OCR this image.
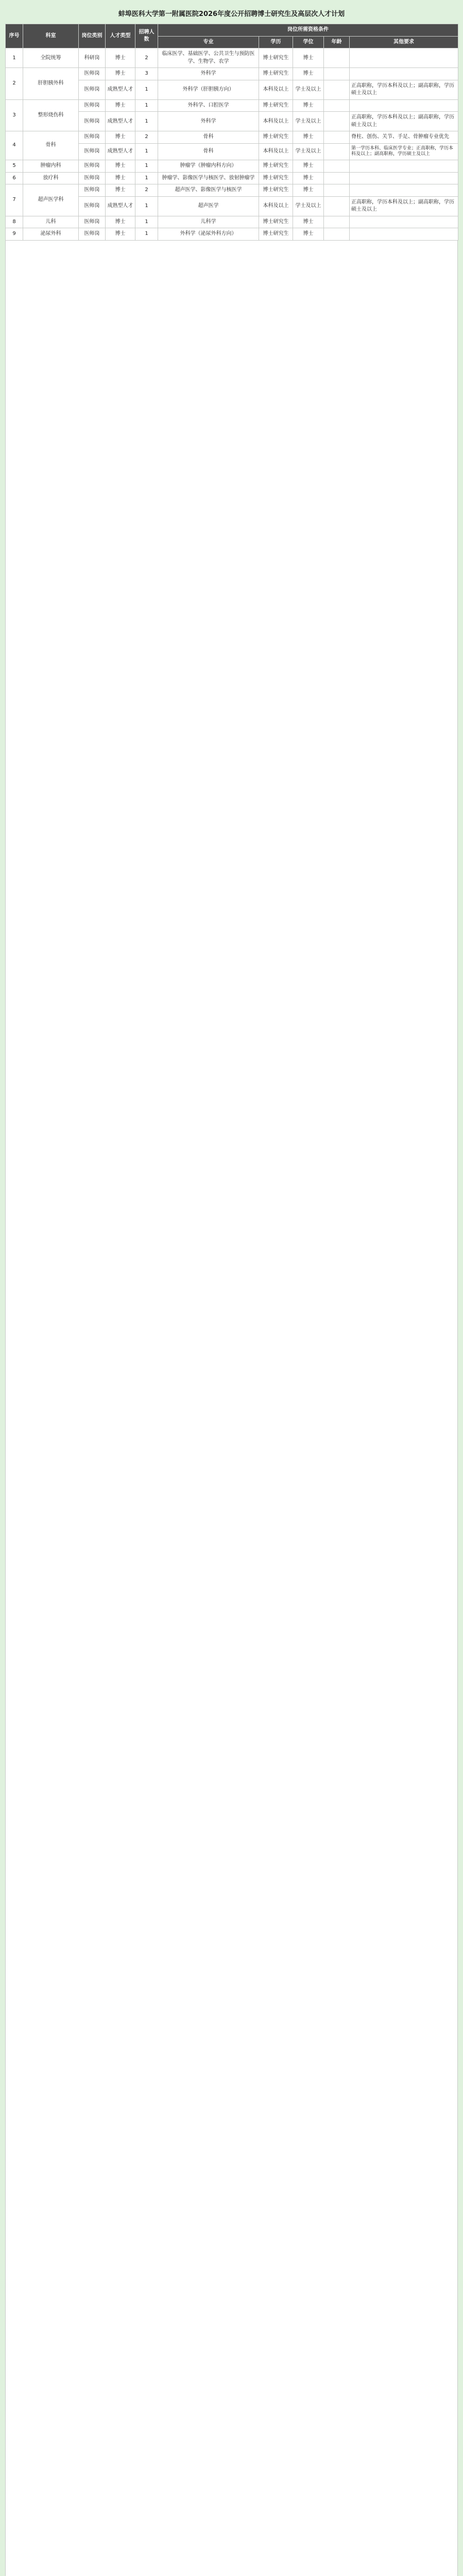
蚌埠医科大学第一附属医院2026年度公开招聘博士研究生及高层次人才计划
序号	科室	岗位类别	人才类型	招聘人数	岗位所需资格条件				
					专业	学历	学位	年龄	其他要求
1	全院统筹	科研岗	博士	2	临床医学、基础医学、公共卫生与预防医学、生物学、农学	博士研究生	博士		
2	肝胆胰外科	医师岗	博士	3	外科学	博士研究生	博士		
		医师岗	成熟型人才	1	外科学（肝胆胰方向）	本科及以上	学士及以上		正高职称，学历本科及以上；副高职称，学历硕士及以上
3	整形烧伤科	医师岗	博士	1	外科学、口腔医学	博士研究生	博士		
		医师岗	成熟型人才	1	外科学	本科及以上	学士及以上		正高职称，学历本科及以上；副高职称，学历硕士及以上
4	骨科	医师岗	博士	2	骨科	博士研究生	博士		脊柱、创伤、关节、手足、骨肿瘤专业优先
		医师岗	成熟型人才	1	骨科	本科及以上	学士及以上		第一学历本科、临床医学专业；正高职称，学历本科及以上；副高职称，学历硕士及以上
5	肿瘤内科	医师岗	博士	1	肿瘤学（肿瘤内科方向）	博士研究生	博士		
6	放疗科	医师岗	博士	1	肿瘤学、影像医学与核医学、放射肿瘤学	博士研究生	博士		
7	超声医学科	医师岗	博士	2	超声医学、影像医学与核医学	博士研究生	博士		
		医师岗	成熟型人才	1	超声医学	本科及以上	学士及以上		正高职称，学历本科及以上；副高职称，学历硕士及以上
8	儿科	医师岗	博士	1	儿科学	博士研究生	博士		
9	泌尿外科	医师岗	博士	1	外科学（泌尿外科方向）	博士研究生	博士		
